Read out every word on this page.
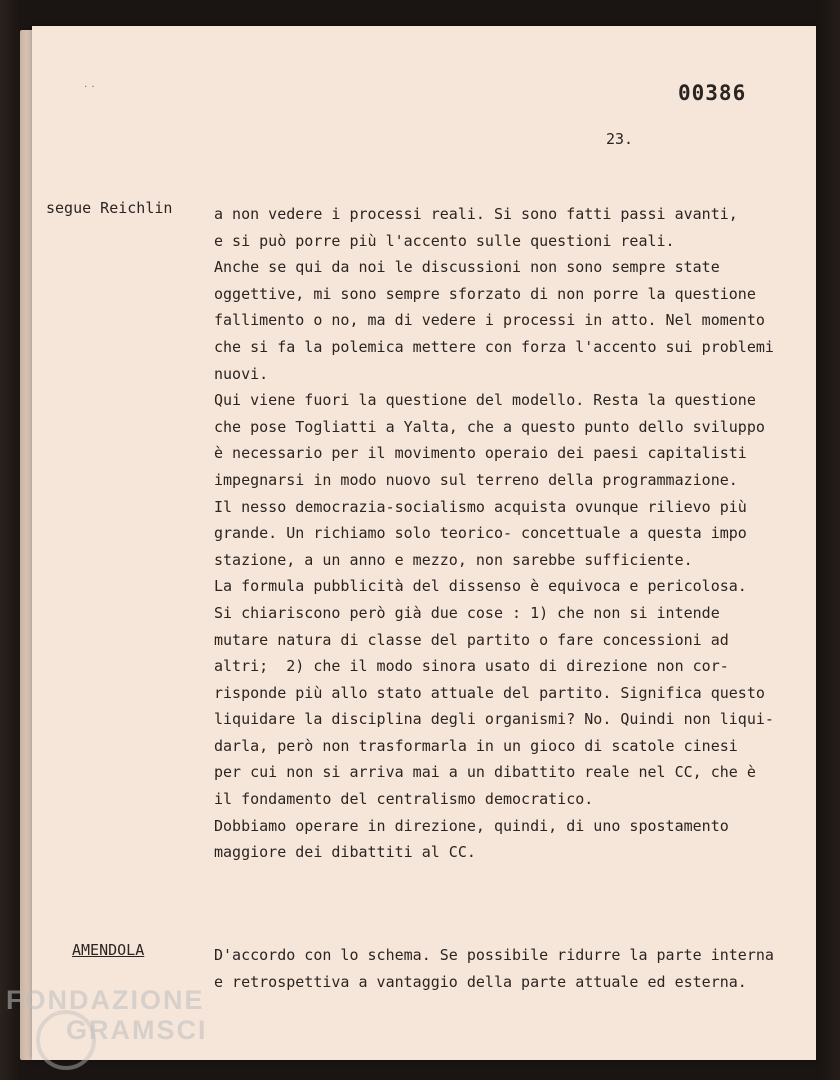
˙˙	00386
23.
segue Reichlin	a non vedere i processi reali. Si sono fatti passi avanti,
e si può porre più l'accento sulle questioni reali.
Anche se qui da noi le discussioni non sono sempre state
oggettive, mi sono sempre sforzato di non porre la questione
fallimento o no, ma di vedere i processi in atto. Nel momento
che si fa la polemica mettere con forza l'accento sui problemi
nuovi.
Qui viene fuori la questione del modello. Resta la questione
che pose Togliatti a Yalta, che a questo punto dello sviluppo
è necessario per il movimento operaio dei paesi capitalisti
impegnarsi in modo nuovo sul terreno della programmazione.
Il nesso democrazia-socialismo acquista ovunque rilievo più
grande. Un richiamo solo teorico- concettuale a questa impo
stazione, a un anno e mezzo, non sarebbe sufficiente.
La formula pubblicità del dissenso è equivoca e pericolosa.
Si chiariscono però già due cose : 1) che non si intende
mutare natura di classe del partito o fare concessioni ad
altri;  2) che il modo sinora usato di direzione non cor-
risponde più allo stato attuale del partito. Significa questo
liquidare la disciplina degli organismi? No. Quindi non liqui-
darla, però non trasformarla in un gioco di scatole cinesi
per cui non si arriva mai a un dibattito reale nel CC, che è
il fondamento del centralismo democratico.
Dobbiamo operare in direzione, quindi, di uno spostamento
maggiore dei dibattiti al CC.
AMENDOLA	D'accordo con lo schema. Se possibile ridurre la parte interna
e retrospettiva a vantaggio della parte attuale ed esterna.
FONDAZIONE
GRAMSCI
